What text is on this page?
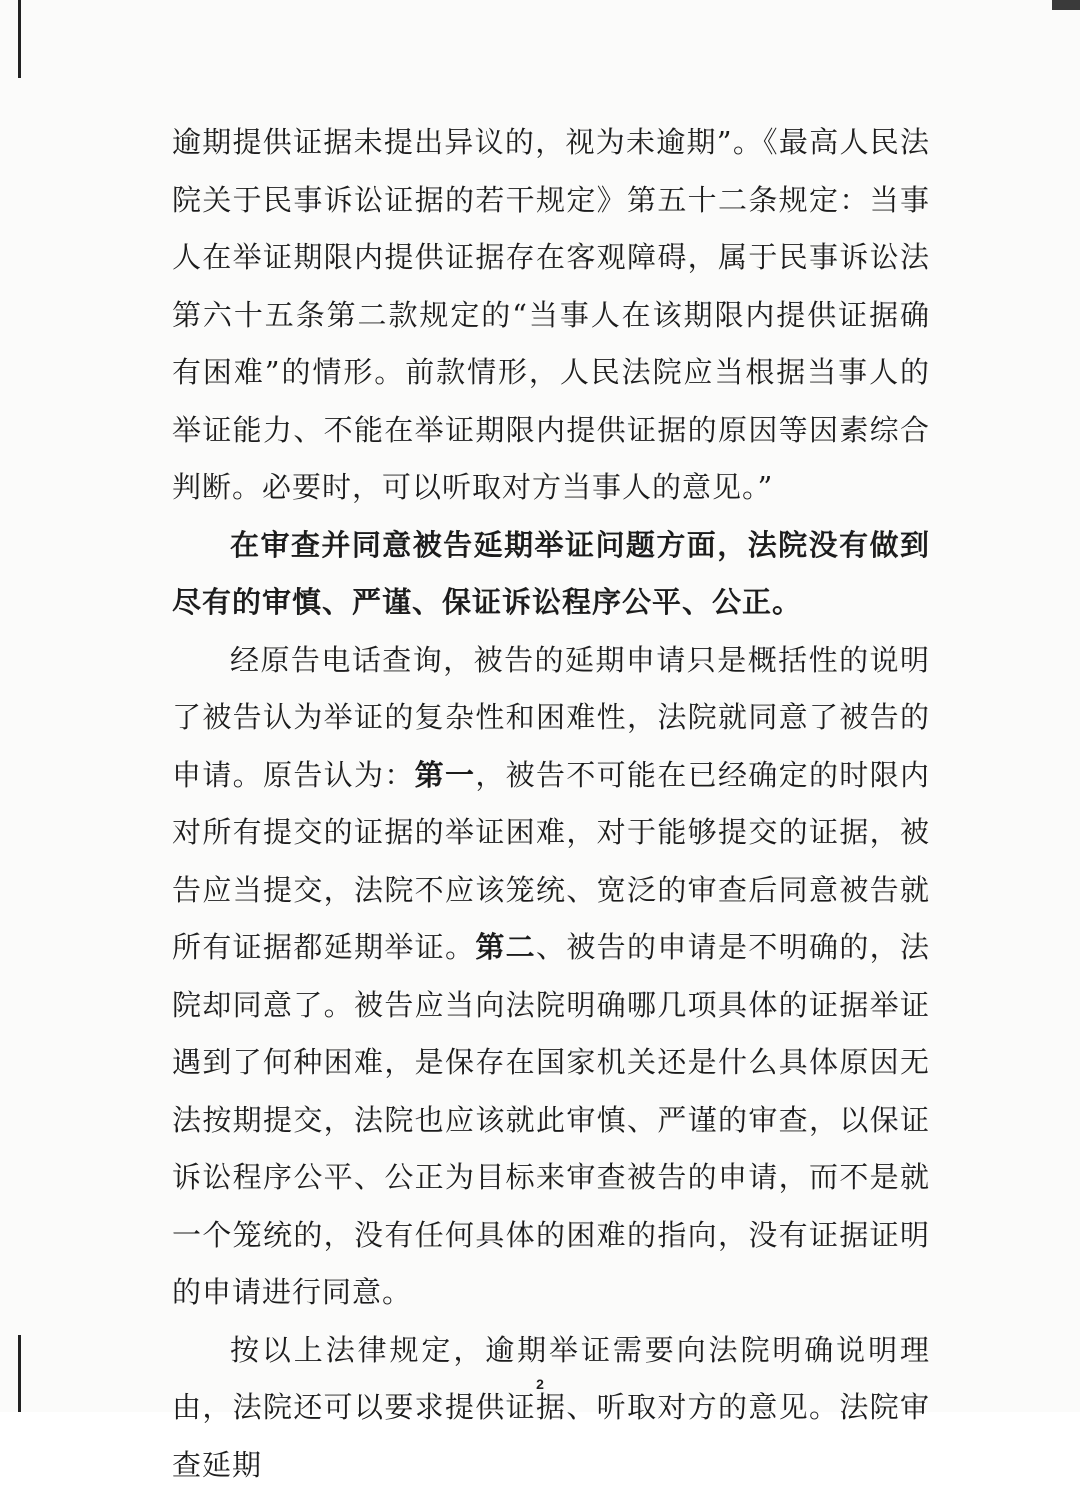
逾期提供证据未提出异议的，视为未逾期”。《最高人民法院关于民事诉讼证据的若干规定》第五十二条规定：当事人在举证期限内提供证据存在客观障碍，属于民事诉讼法第六十五条第二款规定的“当事人在该期限内提供证据确有困难”的情形。前款情形，人民法院应当根据当事人的举证能力、不能在举证期限内提供证据的原因等因素综合判断。必要时，可以听取对方当事人的意见。”

在审查并同意被告延期举证问题方面，法院没有做到尽有的审慎、严谨、保证诉讼程序公平、公正。

经原告电话查询，被告的延期申请只是概括性的说明了被告认为举证的复杂性和困难性，法院就同意了被告的申请。原告认为：第一，被告不可能在已经确定的时限内对所有提交的证据的举证困难，对于能够提交的证据，被告应当提交，法院不应该笼统、宽泛的审查后同意被告就所有证据都延期举证。第二、被告的申请是不明确的，法院却同意了。被告应当向法院明确哪几项具体的证据举证遇到了何种困难，是保存在国家机关还是什么具体原因无法按期提交，法院也应该就此审慎、严谨的审查，以保证诉讼程序公平、公正为目标来审查被告的申请，而不是就一个笼统的，没有任何具体的困难的指向，没有证据证明的申请进行同意。

按以上法律规定，逾期举证需要向法院明确说明理由，法院还可以要求提供证据、听取对方的意见。法院审查延期

2
